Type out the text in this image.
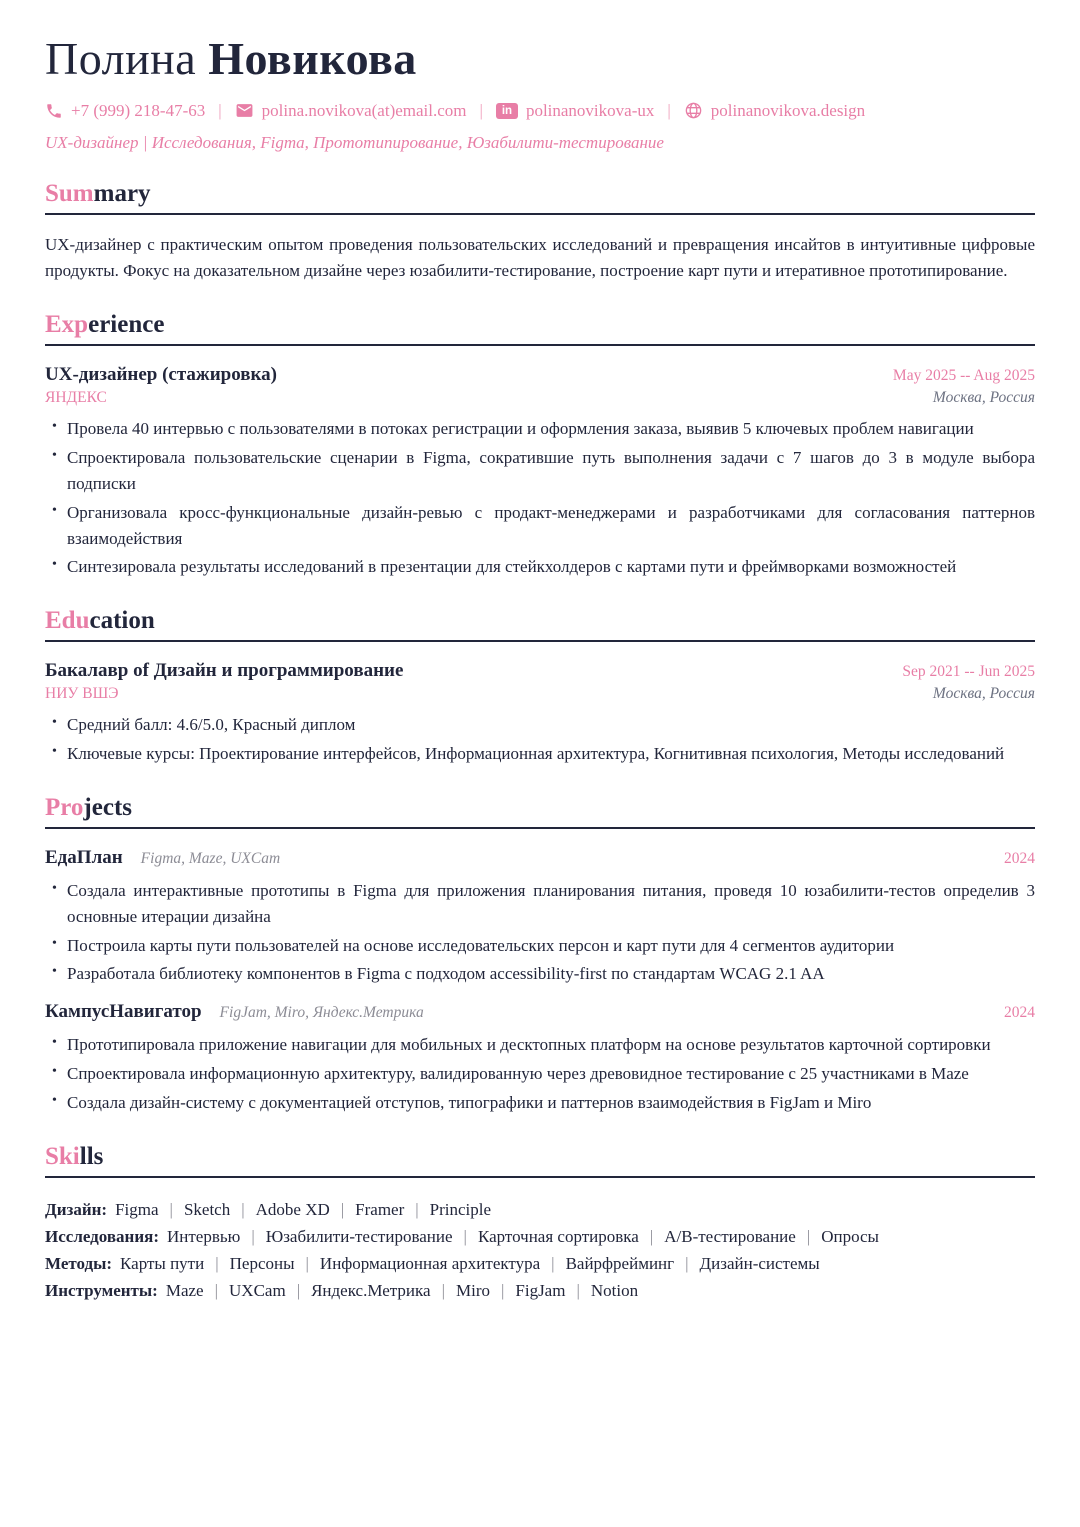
Полина Новикова
+7 (999) 218-47-63 | polina.novikova(at)email.com |	in polinanovikova-ux | polinanovikova.design
UX-дизайнер | Исследования, Figma, Прототипирование, Юзабилити-тестирование
Summary

UX-дизайнер с практическим опытом проведения пользовательских исследований и превращения инсайтов в интуитивные цифровые продукты. Фокус на доказательном дизайне через юзабилити-тестирование, построение карт пути и итеративное прототипирование.

Experience
UX-дизайнер (стажировка)	May 2025 -- Aug 2025
ЯНДЕКС	Москва, Россия
• Провела 40 интервью с пользователями в потоках регистрации и оформления заказа, выявив 5 ключевых проблем навигации
• Спроектировала пользовательские сценарии в Figma, сократившие путь выполнения задачи с 7 шагов до 3 в модуле выбора подписки
• Организовала кросс-функциональные дизайн-ревью с продакт-менеджерами и разработчиками для согласования паттернов взаимодействия
• Синтезировала результаты исследований в презентации для стейкхолдеров с картами пути и фреймворками возможностей
Education
Бакалавр of Дизайн и программирование	Sep 2021 -- Jun 2025
НИУ ВШЭ	Москва, Россия
• Средний балл: 4.6/5.0, Красный диплом
• Ключевые курсы: Проектирование интерфейсов, Информационная архитектура, Когнитивная психология, Методы исследований
Projects
ЕдаПлан Figma, Maze, UXCam	2024
• Создала интерактивные прототипы в Figma для приложения планирования питания, проведя 10 юзабилити-тестов определив 3 основные итерации дизайна
• Построила карты пути пользователей на основе исследовательских персон и карт пути для 4 сегментов аудитории
• Разработала библиотеку компонентов в Figma с подходом accessibility-first по стандартам WCAG 2.1 AA
КампусНавигатор FigJam, Miro, Яндекс.Метрика	2024
• Прототипировала приложение навигации для мобильных и десктопных платформ на основе результатов карточной сортировки
• Спроектировала информационную архитектуру, валидированную через древовидное тестирование с 25 участниками в Maze
• Создала дизайн-систему с документацией отступов, типографики и паттернов взаимодействия в FigJam и Miro
Skills
Дизайн: Figma | Sketch | Adobe XD | Framer | Principle
Исследования: Интервью | Юзабилити-тестирование | Карточная сортировка | A/B-тестирование | Опросы
Методы: Карты пути | Персоны | Информационная архитектура | Вайрфрейминг | Дизайн-системы
Инструменты: Maze | UXCam | Яндекс.Метрика | Miro | FigJam | Notion
